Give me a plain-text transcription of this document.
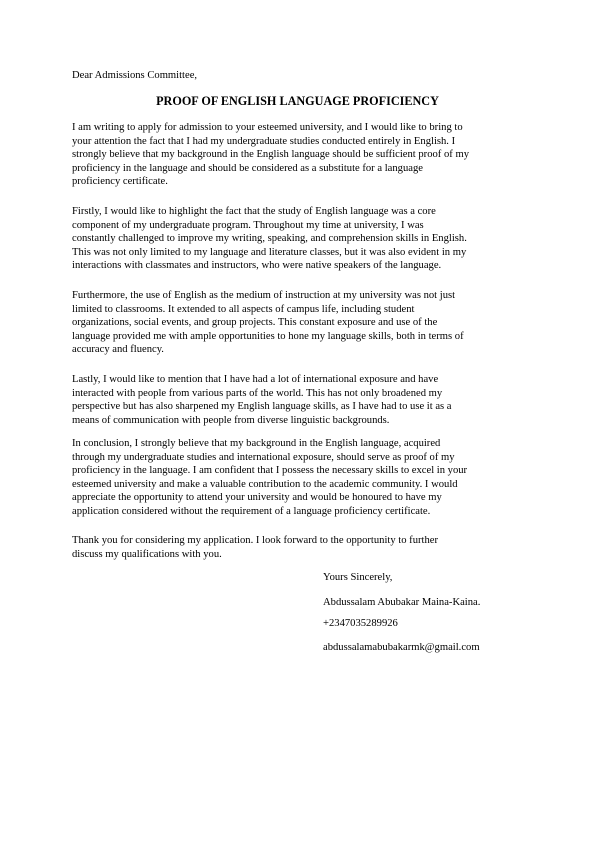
Dear Admissions Committee,
PROOF OF ENGLISH LANGUAGE PROFICIENCY
I am writing to apply for admission to your esteemed university, and I would like to bring to
your attention the fact that I had my undergraduate studies conducted entirely in English. I
strongly believe that my background in the English language should be sufficient proof of my
proficiency in the language and should be considered as a substitute for a language
proficiency certificate.
Firstly, I would like to highlight the fact that the study of English language was a core
component of my undergraduate program. Throughout my time at university, I was
constantly challenged to improve my writing, speaking, and comprehension skills in English.
This was not only limited to my language and literature classes, but it was also evident in my
interactions with classmates and instructors, who were native speakers of the language.
Furthermore, the use of English as the medium of instruction at my university was not just
limited to classrooms. It extended to all aspects of campus life, including student
organizations, social events, and group projects. This constant exposure and use of the
language provided me with ample opportunities to hone my language skills, both in terms of
accuracy and fluency.
Lastly, I would like to mention that I have had a lot of international exposure and have
interacted with people from various parts of the world. This has not only broadened my
perspective but has also sharpened my English language skills, as I have had to use it as a
means of communication with people from diverse linguistic backgrounds.
In conclusion, I strongly believe that my background in the English language, acquired
through my undergraduate studies and international exposure, should serve as proof of my
proficiency in the language. I am confident that I possess the necessary skills to excel in your
esteemed university and make a valuable contribution to the academic community. I would
appreciate the opportunity to attend your university and would be honoured to have my
application considered without the requirement of a language proficiency certificate.
Thank you for considering my application. I look forward to the opportunity to further
discuss my qualifications with you.
Yours Sincerely,
Abdussalam Abubakar Maina-Kaina.
+2347035289926
abdussalamabubakarmk@gmail.com
